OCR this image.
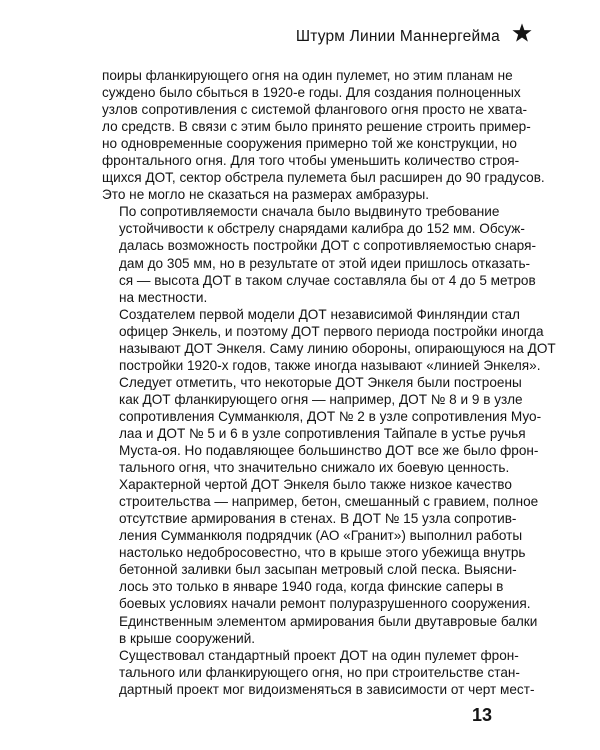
Штурм Линии Маннергейма

поиры фланкирующего огня на один пулемет, но этим планам не
суждено было сбыться в 1920-е годы. Для создания полноценных
узлов сопротивления с системой флангового огня просто не хвата-
ло средств. В связи с этим было принято решение строить пример-
но одновременные сооружения примерно той же конструкции, но
фронтального огня. Для того чтобы уменьшить количество строя-
щихся ДОТ, сектор обстрела пулемета был расширен до 90 градусов.
Это не могло не сказаться на размерах амбразуры.

По сопротивляемости сначала было выдвинуто требование
устойчивости к обстрелу снарядами калибра до 152 мм. Обсуж-
далась возможность постройки ДОТ с сопротивляемостью снаря-
дам до 305 мм, но в результате от этой идеи пришлось отказать-
ся — высота ДОТ в таком случае составляла бы от 4 до 5 метров
на местности.

Создателем первой модели ДОТ независимой Финляндии стал
офицер Энкель, и поэтому ДОТ первого периода постройки иногда
называют ДОТ Энкеля. Саму линию обороны, опирающуюся на ДОТ
постройки 1920-х годов, также иногда называют «линией Энкеля».

Следует отметить, что некоторые ДОТ Энкеля были построены
как ДОТ фланкирующего огня — например, ДОТ № 8 и 9 в узле
сопротивления Сумманкюля, ДОТ № 2 в узле сопротивления Муо-
лаа и ДОТ № 5 и 6 в узле сопротивления Тайпале в устье ручья
Муста-оя. Но подавляющее большинство ДОТ все же было фрон-
тального огня, что значительно снижало их боевую ценность.

Характерной чертой ДОТ Энкеля было также низкое качество
строительства — например, бетон, смешанный с гравием, полное
отсутствие армирования в стенах. В ДОТ № 15 узла сопротив-
ления Сумманкюля подрядчик (АО «Гранит») выполнил работы
настолько недобросовестно, что в крыше этого убежища внутрь
бетонной заливки был засыпан метровый слой песка. Выясни-
лось это только в январе 1940 года, когда финские саперы в
боевых условиях начали ремонт полуразрушенного сооружения.
Единственным элементом армирования были двутавровые балки
в крыше сооружений.

Существовал стандартный проект ДОТ на один пулемет фрон-
тального или фланкирующего огня, но при строительстве стан-
дартный проект мог видоизменяться в зависимости от черт мест-

13
